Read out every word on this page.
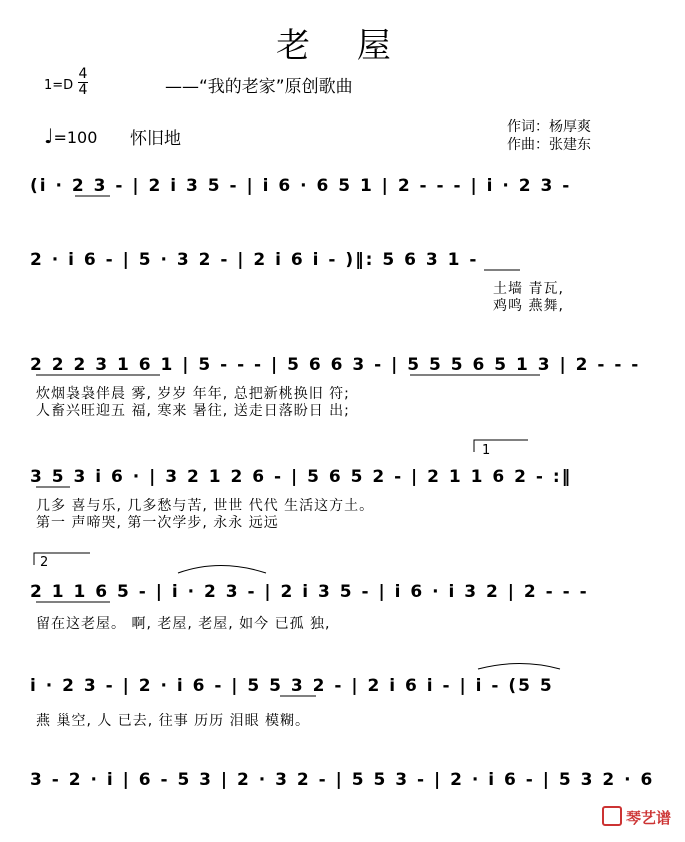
老 屋
1=D
4
4	——“我的老家”原创歌曲
♩=100 怀旧地
作词：杨厚爽
作曲：张建东
(i · 2 3 - | 2 i 3 5 - | i 6 · 6 5 1 | 2 - - - | i · 2 3 -
2 · i 6 - | 5 · 3 2 - | 2 i 6 i - )‖: 5 6 3 1 -
土墙 青瓦,
鸡鸣 燕舞,
2 2 2 3 1 6 1 | 5 - - - | 5 6 6 3 - | 5 5 5 6 5 1 3 | 2 - - -
炊烟袅袅伴晨 雾, 岁岁 年年, 总把新桃换旧 符;
人畜兴旺迎五 福, 寒来 暑往, 送走日落盼日 出;
1
3 5 3 i 6 · | 3 2 1 2 6 - | 5 6 5 2 - | 2 1 1 6 2 - :‖
几多 喜与乐, 几多愁与苦, 世世 代代 生活这方土。
第一 声啼哭, 第一次学步, 永永 远远
2
2 1 1 6 5 - | i · 2 3 - | 2 i 3 5 - | i 6 · i 3 2 | 2 - - -
留在这老屋。 啊, 老屋, 老屋, 如今 已孤 独,
i · 2 3 - | 2 · i 6 - | 5 5 3 2 - | 2 i 6 i - | i - (5 5
燕 巢空, 人 已去, 往事 历历 泪眼 模糊。
3 - 2 · i | 6 - 5 3 | 2 · 3 2 - | 5 5 3 - | 2 · i 6 - | 5 3 2 · 6
琴艺谱
